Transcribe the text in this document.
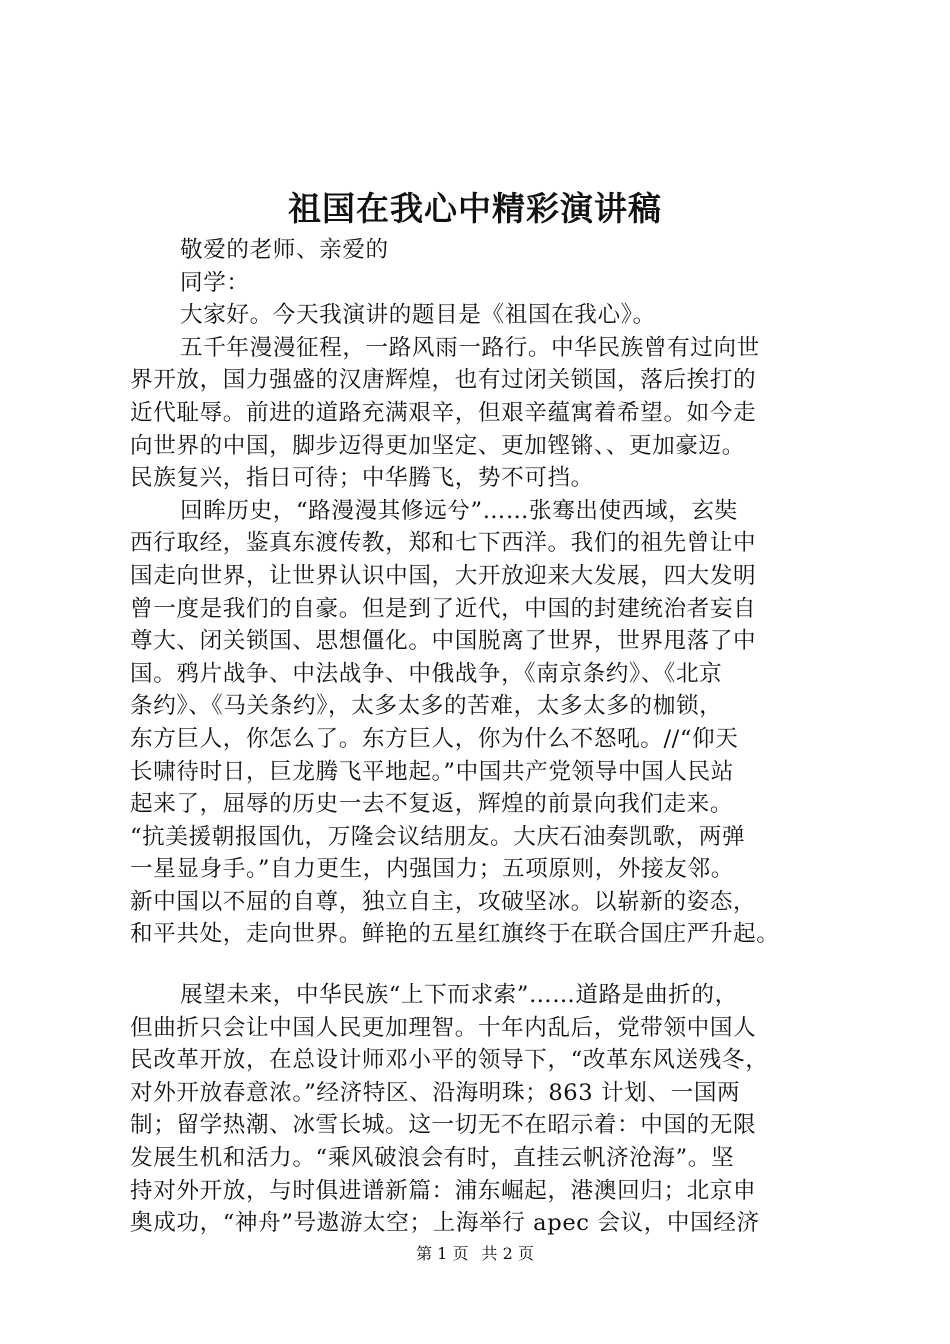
祖国在我心中精彩演讲稿
敬爱的老师、亲爱的
同学：
大家好。今天我演讲的题目是《祖国在我心》。
五千年漫漫征程，一路风雨一路行。中华民族曾有过向世
界开放，国力强盛的汉唐辉煌，也有过闭关锁国，落后挨打的
近代耻辱。前进的道路充满艰辛，但艰辛蕴寓着希望。如今走
向世界的中国，脚步迈得更加坚定、更加铿锵、、更加豪迈。
民族复兴，指日可待；中华腾飞，势不可挡。
回眸历史，“路漫漫其修远兮”……张骞出使西域，玄奘
西行取经，鉴真东渡传教，郑和七下西洋。我们的祖先曾让中
国走向世界，让世界认识中国，大开放迎来大发展，四大发明
曾一度是我们的自豪。但是到了近代，中国的封建统治者妄自
尊大、闭关锁国、思想僵化。中国脱离了世界，世界甩落了中
国。鸦片战争、中法战争、中俄战争，《南京条约》、《北京
条约》、《马关条约》，太多太多的苦难，太多太多的枷锁，
东方巨人，你怎么了。东方巨人，你为什么不怒吼。//“仰天
长啸待时日，巨龙腾飞平地起。”中国共产党领导中国人民站
起来了，屈辱的历史一去不复返，辉煌的前景向我们走来。
“抗美援朝报国仇，万隆会议结朋友。大庆石油奏凯歌，两弹
一星显身手。”自力更生，内强国力；五项原则，外接友邻。
新中国以不屈的自尊，独立自主，攻破坚冰。以崭新的姿态，
和平共处，走向世界。鲜艳的五星红旗终于在联合国庄严升起。
展望未来，中华民族“上下而求索”……道路是曲折的，
但曲折只会让中国人民更加理智。十年内乱后，党带领中国人
民改革开放，在总设计师邓小平的领导下，“改革东风送残冬，
对外开放春意浓。”经济特区、沿海明珠；863 计划、一国两
制；留学热潮、冰雪长城。这一切无不在昭示着：中国的无限
发展生机和活力。“乘风破浪会有时，直挂云帆济沧海”。坚
持对外开放，与时俱进谱新篇：浦东崛起，港澳回归；北京申
奥成功，“神舟”号遨游太空；上海举行 apec 会议，中国经济
第 1 页 共 2 页
